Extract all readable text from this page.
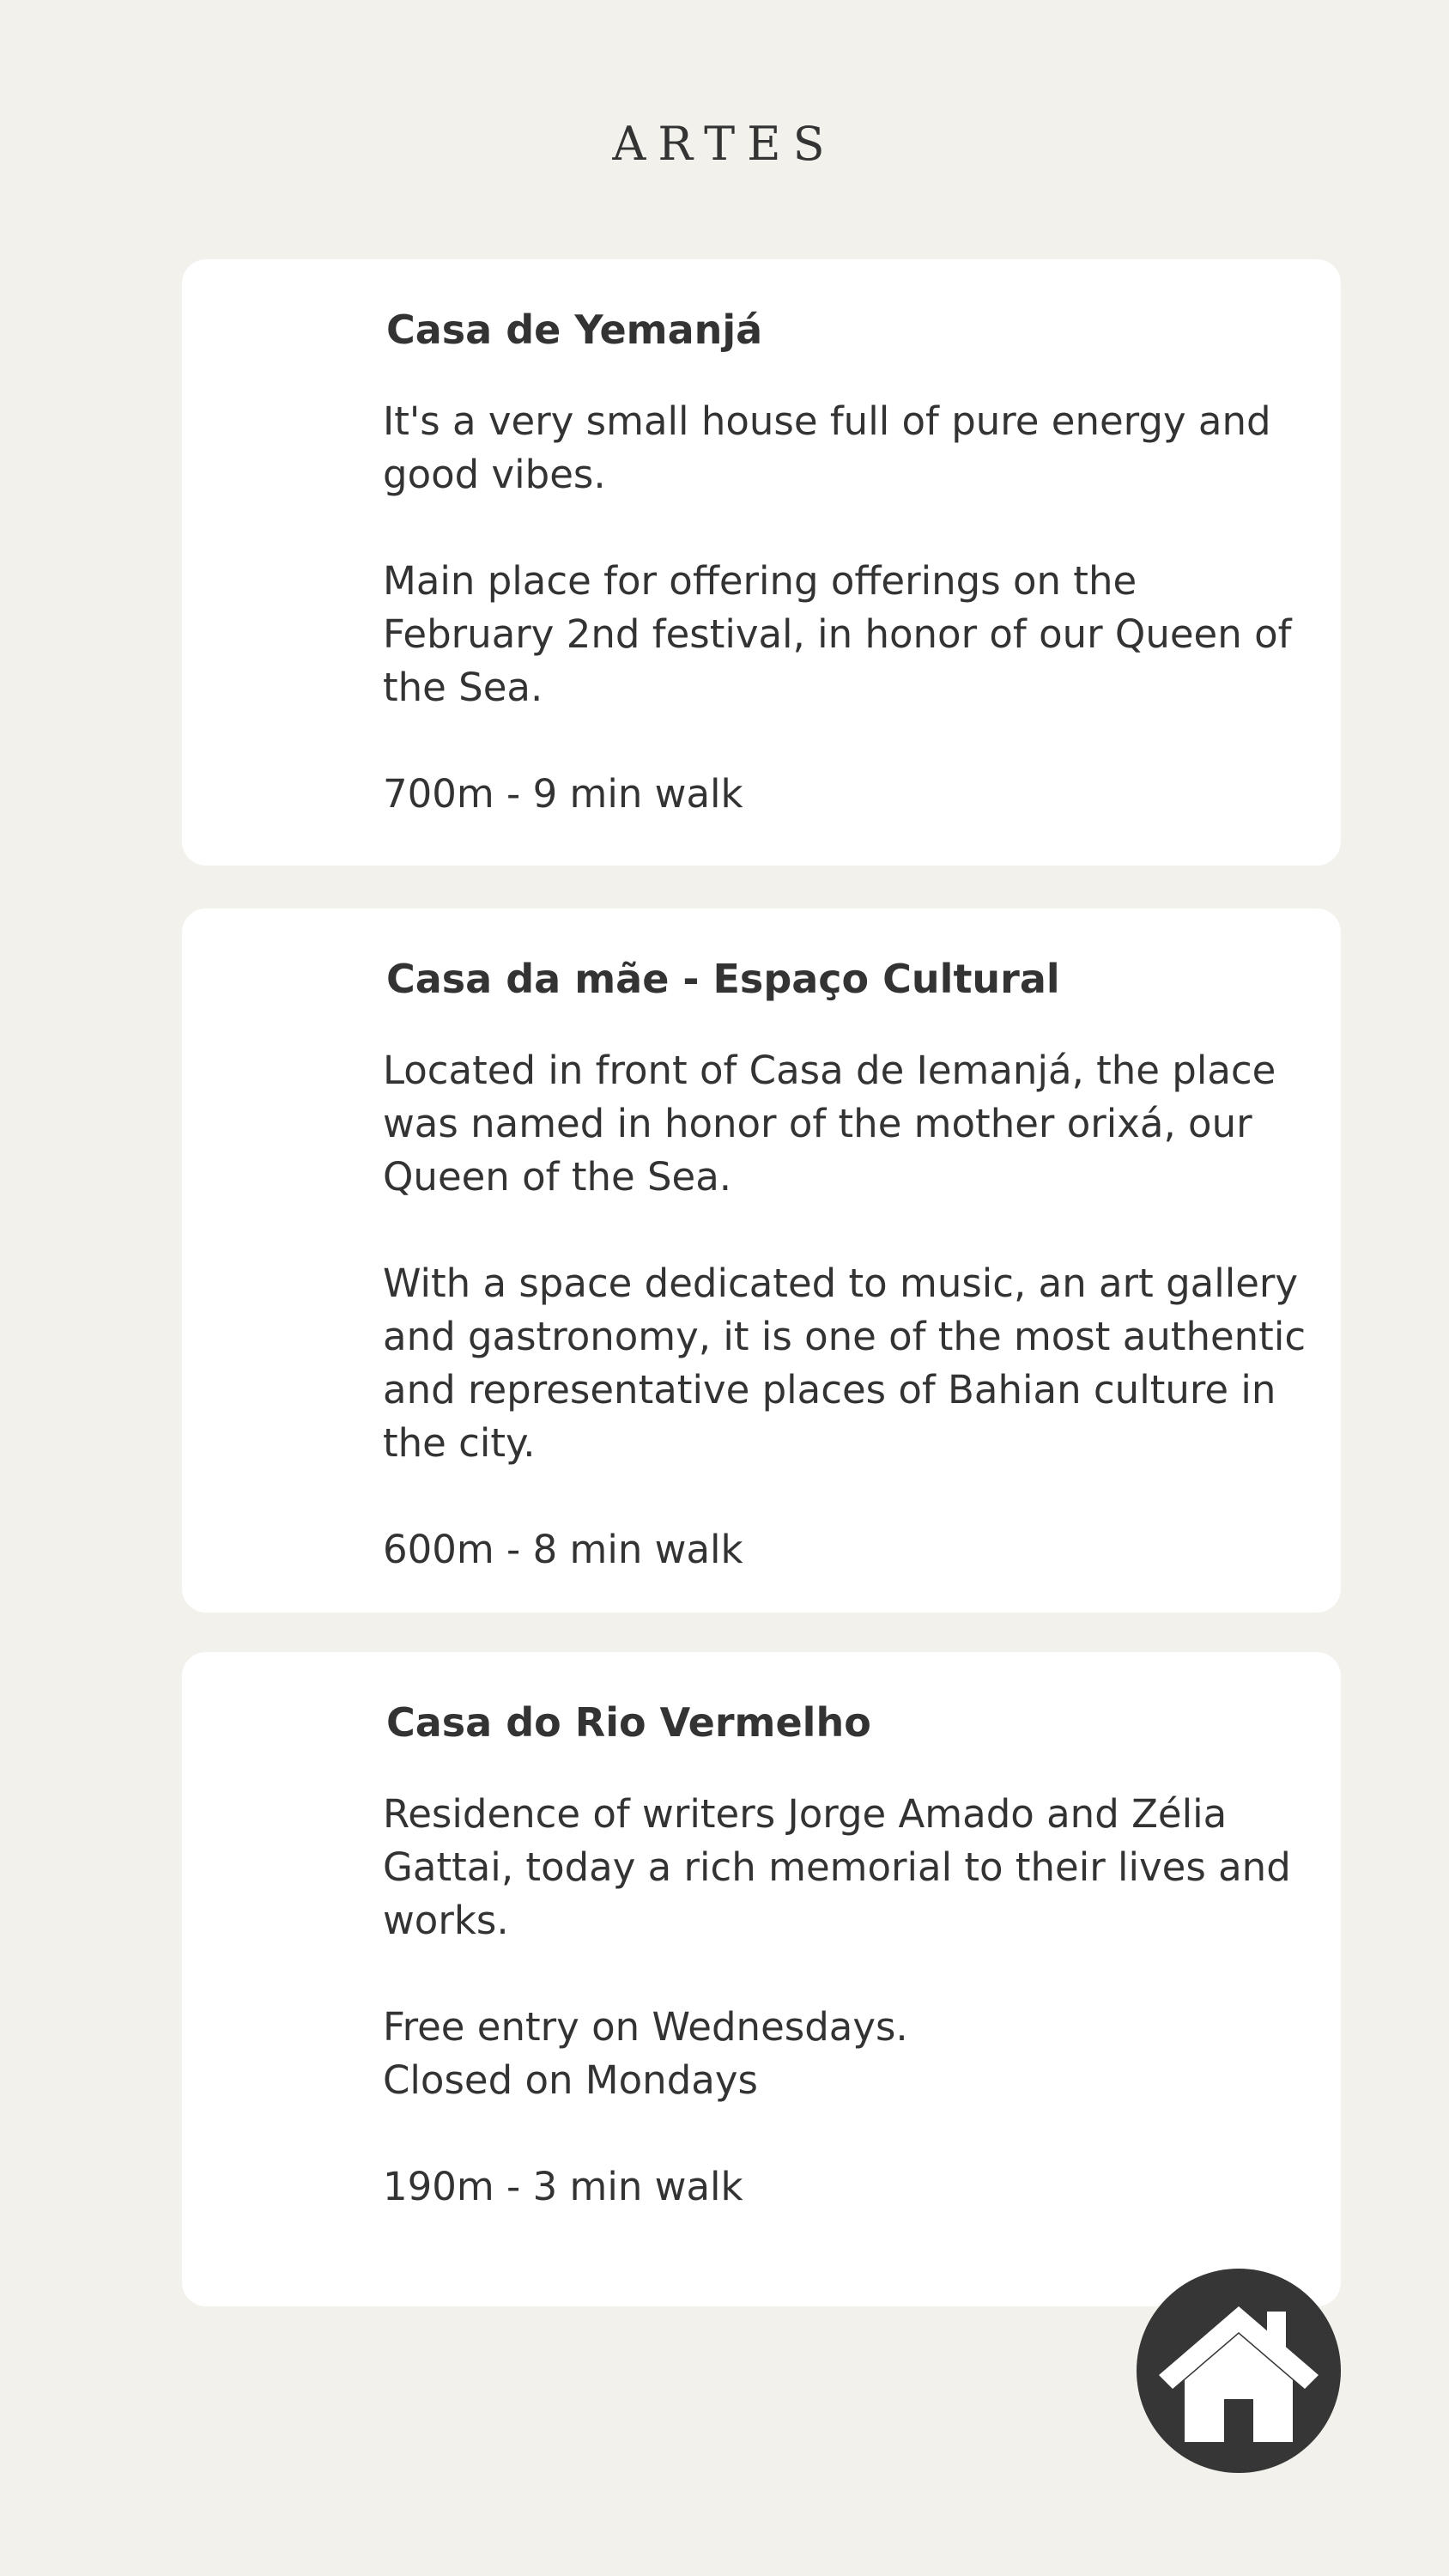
ARTES
Casa de Yemanjá

It's a very small house full of pure energy and good vibes.

Main place for offering offerings on the February 2nd festival, in honor of our Queen of the Sea.

700m - 9 min walk

Casa da mãe - Espaço Cultural

Located in front of Casa de Iemanjá, the place was named in honor of the mother orixá, our Queen of the Sea.

With a space dedicated to music, an art gallery and gastronomy, it is one of the most authentic and representative places of Bahian culture in the city.

600m - 8 min walk

Casa do Rio Vermelho

Residence of writers Jorge Amado and Zélia Gattai, today a rich memorial to their lives and works.

Free entry on Wednesdays.

Closed on Mondays

190m - 3 min walk
